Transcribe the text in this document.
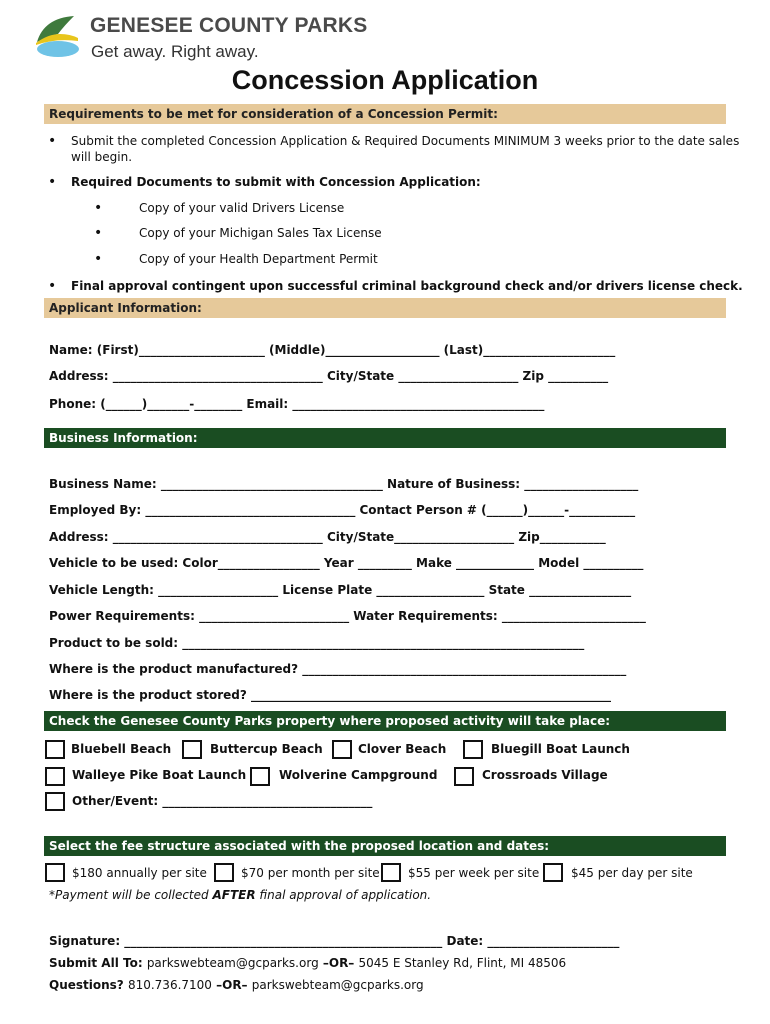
GENESEE COUNTY PARKS
Get away. Right away.
Concession Application
Requirements to be met for consideration of a Concession Permit:
• Submit the completed Concession Application & Required Documents MINIMUM 3 weeks prior to the date sales
will begin.
• Required Documents to submit with Concession Application:
•	Copy of your valid Drivers License
•	Copy of your Michigan Sales Tax License
•	Copy of your Health Department Permit
• Final approval contingent upon successful criminal background check and/or drivers license check.
Applicant Information:
Name: (First)_____________________ (Middle)___________________ (Last)______________________
Address: ___________________________________ City/State ____________________ Zip __________
Phone: (______)_______-________ Email: __________________________________________
Business Information:
Business Name: _____________________________________ Nature of Business: ___________________
Employed By: ___________________________________ Contact Person # (______)______-___________
Address: ___________________________________ City/State____________________ Zip___________
Vehicle to be used: Color_________________ Year _________ Make _____________ Model __________
Vehicle Length: ____________________ License Plate __________________ State _________________
Power Requirements: _________________________ Water Requirements: ________________________
Product to be sold: ___________________________________________________________________
Where is the product manufactured? ______________________________________________________
Where is the product stored? ____________________________________________________________
Check the Genesee County Parks property where proposed activity will take place:
Bluebell Beach	Buttercup Beach	Clover Beach	Bluegill Boat Launch
Walleye Pike Boat Launch	Wolverine Campground	Crossroads Village
Other/Event: ___________________________________
Select the fee structure associated with the proposed location and dates:
$180 annually per site	$70 per month per site $55 per week per site	$45 per day per site
*Payment will be collected AFTER final approval of application.
Signature: _____________________________________________________ Date: ______________________
Submit All To: parkswebteam@gcparks.org –OR– 5045 E Stanley Rd, Flint, MI 48506
Questions? 810.736.7100 –OR– parkswebteam@gcparks.org
